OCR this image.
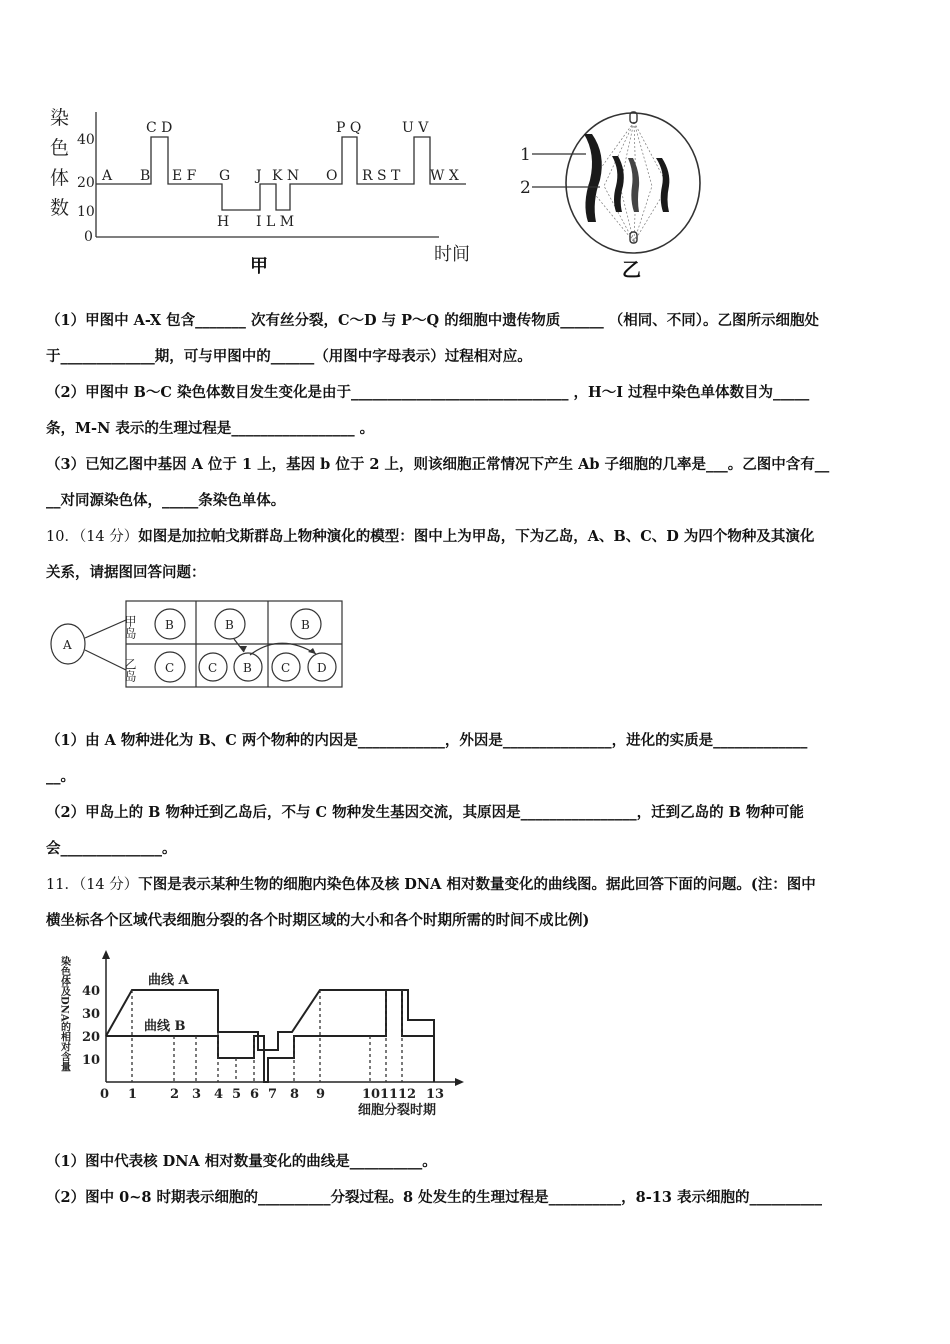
染
色
体
数
40
20
10
0
C D	P Q	U V
A B E F G J K N O R S T W X
H I L M
时间
甲
1
2
乙
（1）甲图中 A-X 包含_______ 次有丝分裂，C～D 与 P～Q 的细胞中遗传物质______ （相同、不同）。乙图所示细胞处
于_____________期，可与甲图中的______（用图中字母表示）过程相对应。
（2）甲图中 B～C 染色体数目发生变化是由于______________________________ ，H～I 过程中染色单体数目为_____
条，M-N 表示的生理过程是_________________ 。
（3）已知乙图中基因 A 位于 1 上，基因 b 位于 2 上，则该细胞正常情况下产生 Ab 子细胞的几率是___。乙图中含有__
__对同源染色体，_____条染色单体。
10．（14 分）如图是加拉帕戈斯群岛上物种演化的模型：图中上为甲岛，下为乙岛，A、B、C、D 为四个物种及其演化
关系，请据图回答问题：
A
B	B	B
C	C B C D
甲岛
乙岛
（1）由 A 物种进化为 B、C 两个物种的内因是____________，外因是_______________，进化的实质是_____________
__。
（2）甲岛上的 B 物种迁到乙岛后，不与 C 物种发生基因交流，其原因是________________，迁到乙岛的 B 物种可能
会______________。
11．（14 分）下图是表示某种生物的细胞内染色体及核 DNA 相对数量变化的曲线图。据此回答下面的问题。(注：图中
横坐标各个区域代表细胞分裂的各个时期区域的大小和各个时期所需的时间不成比例)
染色体及DNA的相对含量 40
30
20
10
曲线 A
曲线 B
0 1	2 3 4 5 6 7 8 9	10 11 12 13
细胞分裂时期
（1）图中代表核 DNA 相对数量变化的曲线是__________。
（2）图中 0~8 时期表示细胞的__________分裂过程。8 处发生的生理过程是__________，8-13 表示细胞的__________
